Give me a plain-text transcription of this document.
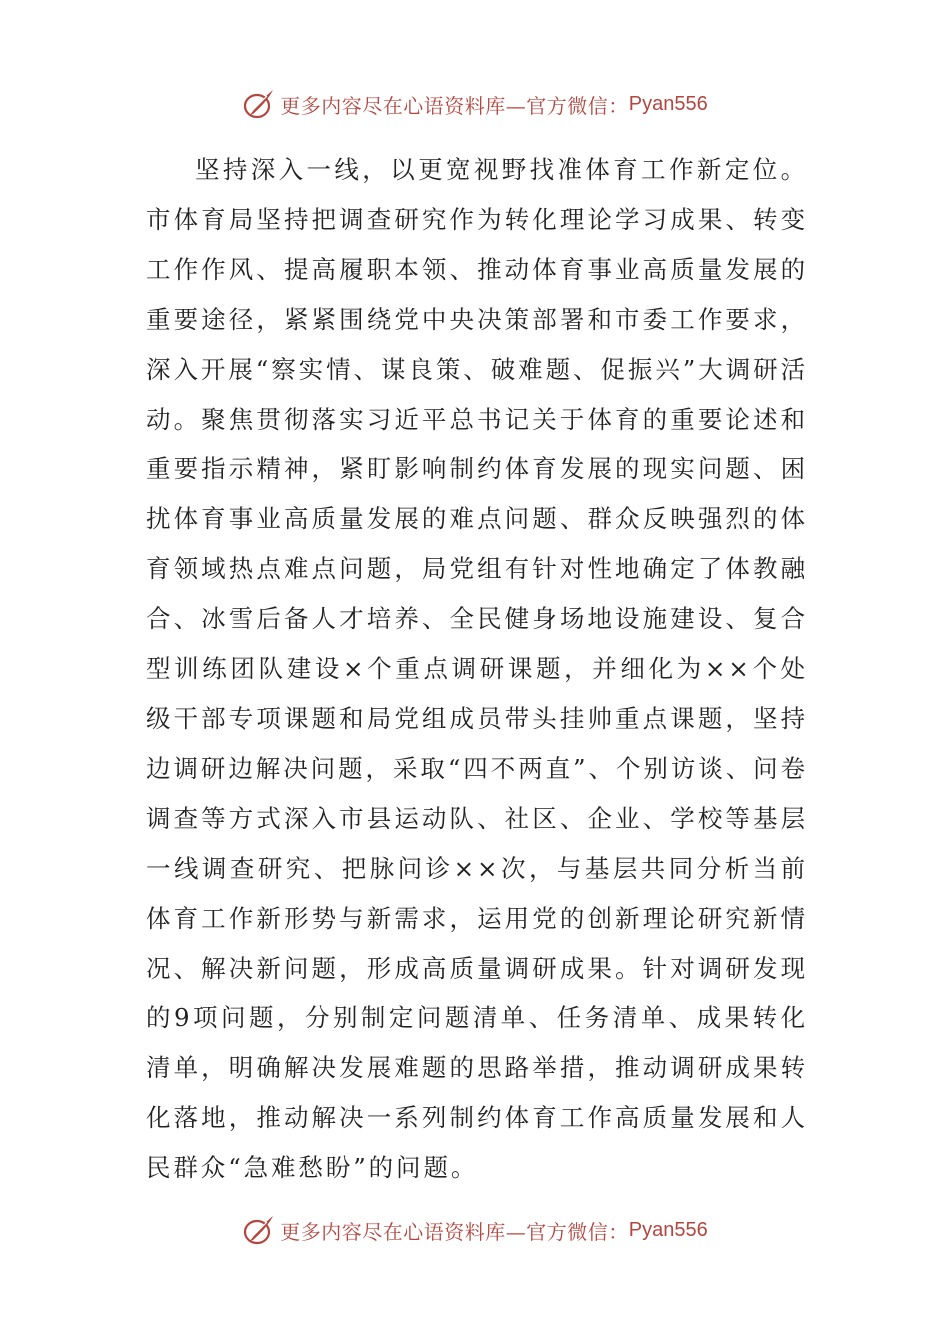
更多内容尽在心语资料库—官方微信： Pyan556

坚持深入一线，以更宽视野找准体育工作新定位。市体育局坚持把调查研究作为转化理论学习成果、转变工作作风、提高履职本领、推动体育事业高质量发展的重要途径，紧紧围绕党中央决策部署和市委工作要求，深入开展“察实情、谋良策、破难题、促振兴”大调研活动。聚焦贯彻落实习近平总书记关于体育的重要论述和重要指示精神，紧盯影响制约体育发展的现实问题、困扰体育事业高质量发展的难点问题、群众反映强烈的体育领域热点难点问题，局党组有针对性地确定了体教融合、冰雪后备人才培养、全民健身场地设施建设、复合型训练团队建设×个重点调研课题，并细化为××个处级干部专项课题和局党组成员带头挂帅重点课题，坚持边调研边解决问题，采取“四不两直”、个别访谈、问卷调查等方式深入市县运动队、社区、企业、学校等基层一线调查研究、把脉问诊××次，与基层共同分析当前体育工作新形势与新需求，运用党的创新理论研究新情况、解决新问题，形成高质量调研成果。针对调研发现的9项问题，分别制定问题清单、任务清单、成果转化清单，明确解决发展难题的思路举措，推动调研成果转化落地，推动解决一系列制约体育工作高质量发展和人民群众“急难愁盼”的问题。

更多内容尽在心语资料库—官方微信： Pyan556
